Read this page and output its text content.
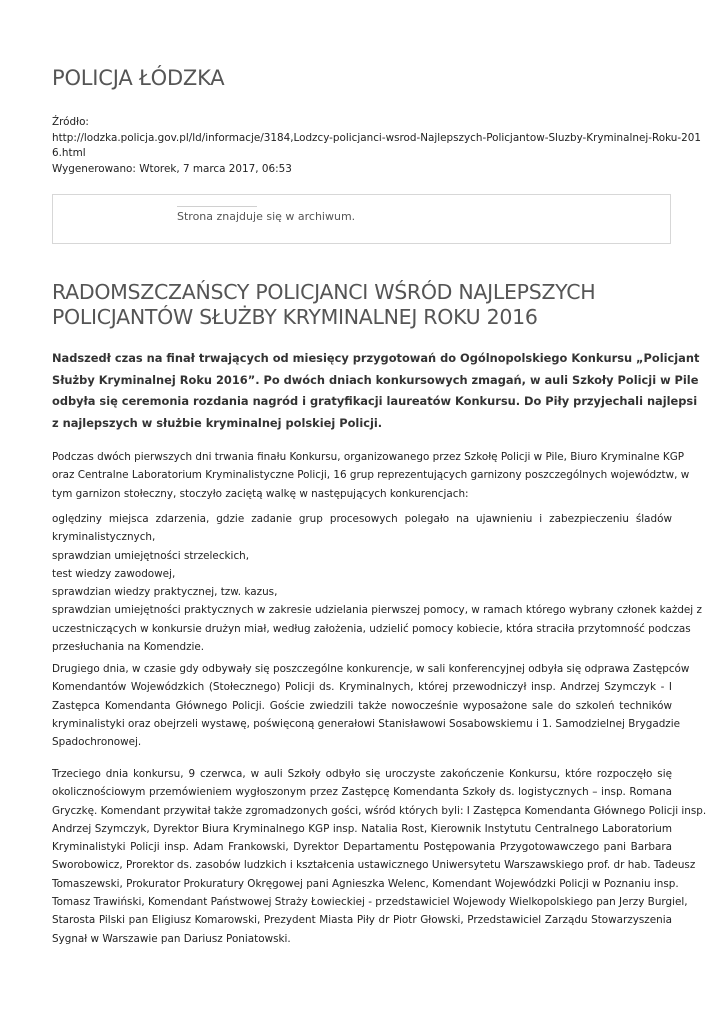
POLICJA ŁÓDZKA
Źródło:
http://lodzka.policja.gov.pl/ld/informacje/3184,Lodzcy-policjanci-wsrod-Najlepszych-Policjantow-Sluzby-Kryminalnej-Roku-201
6.html
Wygenerowano: Wtorek, 7 marca 2017, 06:53
Strona znajduje się w archiwum.
RADOMSZCZAŃSCY POLICJANCI WŚRÓD NAJLEPSZYCH
POLICJANTÓW SŁUŻBY KRYMINALNEJ ROKU 2016
Nadszedł czas na finał trwających od miesięcy przygotowań do Ogólnopolskiego Konkursu „Policjant
Służby Kryminalnej Roku 2016”. Po dwóch dniach konkursowych zmagań, w auli Szkoły Policji w Pile
odbyła się ceremonia rozdania nagród i gratyfikacji laureatów Konkursu. Do Piły przyjechali najlepsi
z najlepszych w służbie kryminalnej polskiej Policji.
Podczas dwóch pierwszych dni trwania finału Konkursu, organizowanego przez Szkołę Policji w Pile, Biuro Kryminalne KGP
oraz Centralne Laboratorium Kryminalistyczne Policji, 16 grup reprezentujących garnizony poszczególnych województw, w
tym garnizon stołeczny, stoczyło zaciętą walkę w następujących konkurencjach:
oględziny miejsca zdarzenia, gdzie zadanie grup procesowych polegało na ujawnieniu i zabezpieczeniu śladów
kryminalistycznych,
sprawdzian umiejętności strzeleckich,
test wiedzy zawodowej,
sprawdzian wiedzy praktycznej, tzw. kazus,
sprawdzian umiejętności praktycznych w zakresie udzielania pierwszej pomocy, w ramach którego wybrany członek każdej z
uczestniczących w konkursie drużyn miał, według założenia, udzielić pomocy kobiecie, która straciła przytomność podczas
przesłuchania na Komendzie.
Drugiego dnia, w czasie gdy odbywały się poszczególne konkurencje, w sali konferencyjnej odbyła się odprawa Zastępców
Komendantów Wojewódzkich (Stołecznego) Policji ds. Kryminalnych, której przewodniczył insp. Andrzej Szymczyk - I
Zastępca Komendanta Głównego Policji. Goście zwiedzili także nowocześnie wyposażone sale do szkoleń techników
kryminalistyki oraz obejrzeli wystawę, poświęconą generałowi Stanisławowi Sosabowskiemu i 1. Samodzielnej Brygadzie
Spadochronowej.
Trzeciego dnia konkursu, 9 czerwca, w auli Szkoły odbyło się uroczyste zakończenie Konkursu, które rozpoczęło się
okolicznościowym przemówieniem wygłoszonym przez Zastępcę Komendanta Szkoły ds. logistycznych – insp. Romana
Gryczkę. Komendant przywitał także zgromadzonych gości, wśród których byli: I Zastępca Komendanta Głównego Policji insp.
Andrzej Szymczyk, Dyrektor Biura Kryminalnego KGP insp. Natalia Rost, Kierownik Instytutu Centralnego Laboratorium
Kryminalistyki Policji insp. Adam Frankowski, Dyrektor Departamentu Postępowania Przygotowawczego pani Barbara
Sworobowicz, Prorektor ds. zasobów ludzkich i kształcenia ustawicznego Uniwersytetu Warszawskiego prof. dr hab. Tadeusz
Tomaszewski, Prokurator Prokuratury Okręgowej pani Agnieszka Welenc, Komendant Wojewódzki Policji w Poznaniu insp.
Tomasz Trawiński, Komendant Państwowej Straży Łowieckiej - przedstawiciel Wojewody Wielkopolskiego pan Jerzy Burgiel,
Starosta Pilski pan Eligiusz Komarowski, Prezydent Miasta Piły dr Piotr Głowski, Przedstawiciel Zarządu Stowarzyszenia
Sygnał w Warszawie pan Dariusz Poniatowski.
